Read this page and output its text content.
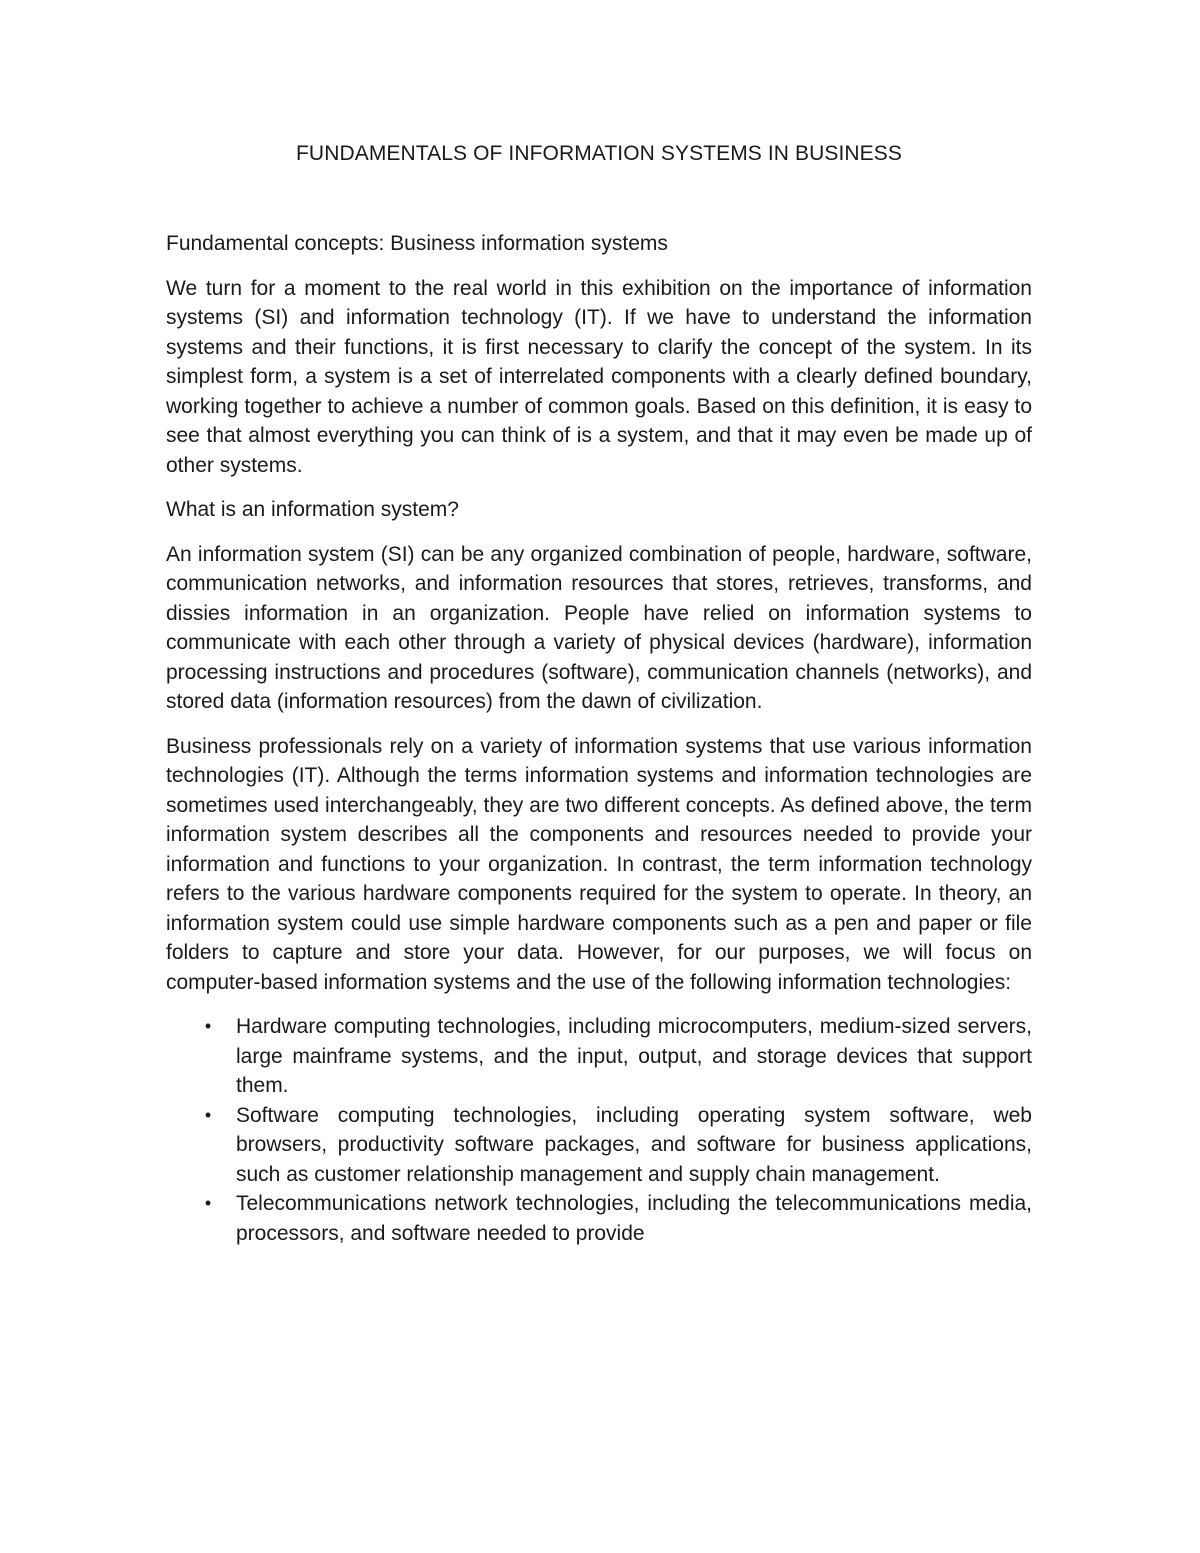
FUNDAMENTALS OF INFORMATION SYSTEMS IN BUSINESS
Fundamental concepts: Business information systems
We turn for a moment to the real world in this exhibition on the importance of information systems (SI) and information technology (IT). If we have to understand the information systems and their functions, it is first necessary to clarify the concept of the system. In its simplest form, a system is a set of interrelated components with a clearly defined boundary, working together to achieve a number of common goals. Based on this definition, it is easy to see that almost everything you can think of is a system, and that it may even be made up of other systems.
What is an information system?
An information system (SI) can be any organized combination of people, hardware, software, communication networks, and information resources that stores, retrieves, transforms, and dissies information in an organization. People have relied on information systems to communicate with each other through a variety of physical devices (hardware), information processing instructions and procedures (software), communication channels (networks), and stored data (information resources) from the dawn of civilization.
Business professionals rely on a variety of information systems that use various information technologies (IT). Although the terms information systems and information technologies are sometimes used interchangeably, they are two different concepts. As defined above, the term information system describes all the components and resources needed to provide your information and functions to your organization. In contrast, the term information technology refers to the various hardware components required for the system to operate. In theory, an information system could use simple hardware components such as a pen and paper or file folders to capture and store your data. However, for our purposes, we will focus on computer-based information systems and the use of the following information technologies:
• Hardware computing technologies, including microcomputers, medium-sized servers, large mainframe systems, and the input, output, and storage devices that support them.
• Software computing technologies, including operating system software, web browsers, productivity software packages, and software for business applications, such as customer relationship management and supply chain management.
• Telecommunications network technologies, including the telecommunications media, processors, and software needed to provide
